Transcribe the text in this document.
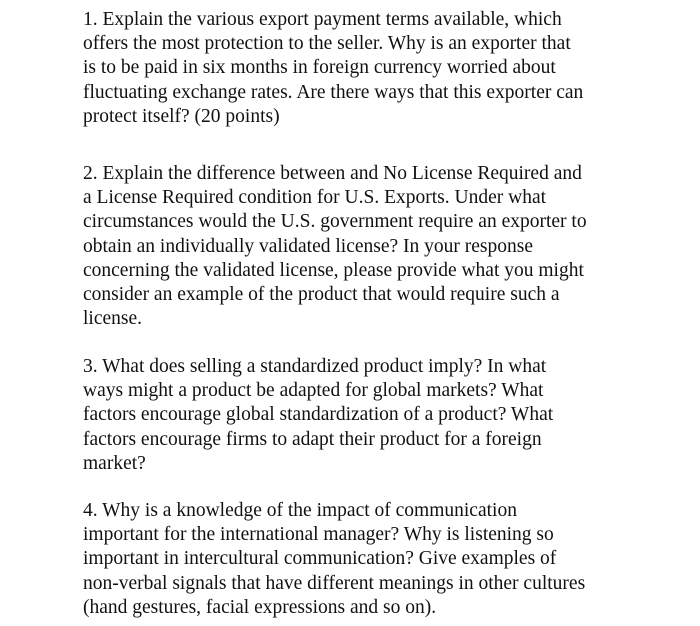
1. Explain the various export payment terms available, which
offers the most protection to the seller. Why is an exporter that
is to be paid in six months in foreign currency worried about
fluctuating exchange rates. Are there ways that this exporter can
protect itself? (20 points)

2. Explain the difference between and No License Required and
a License Required condition for U.S. Exports. Under what
circumstances would the U.S. government require an exporter to
obtain an individually validated license? In your response
concerning the validated license, please provide what you might
consider an example of the product that would require such a
license.

3. What does selling a standardized product imply? In what
ways might a product be adapted for global markets? What
factors encourage global standardization of a product? What
factors encourage firms to adapt their product for a foreign
market?

4. Why is a knowledge of the impact of communication
important for the international manager? Why is listening so
important in intercultural communication? Give examples of
non-verbal signals that have different meanings in other cultures
(hand gestures, facial expressions and so on).
